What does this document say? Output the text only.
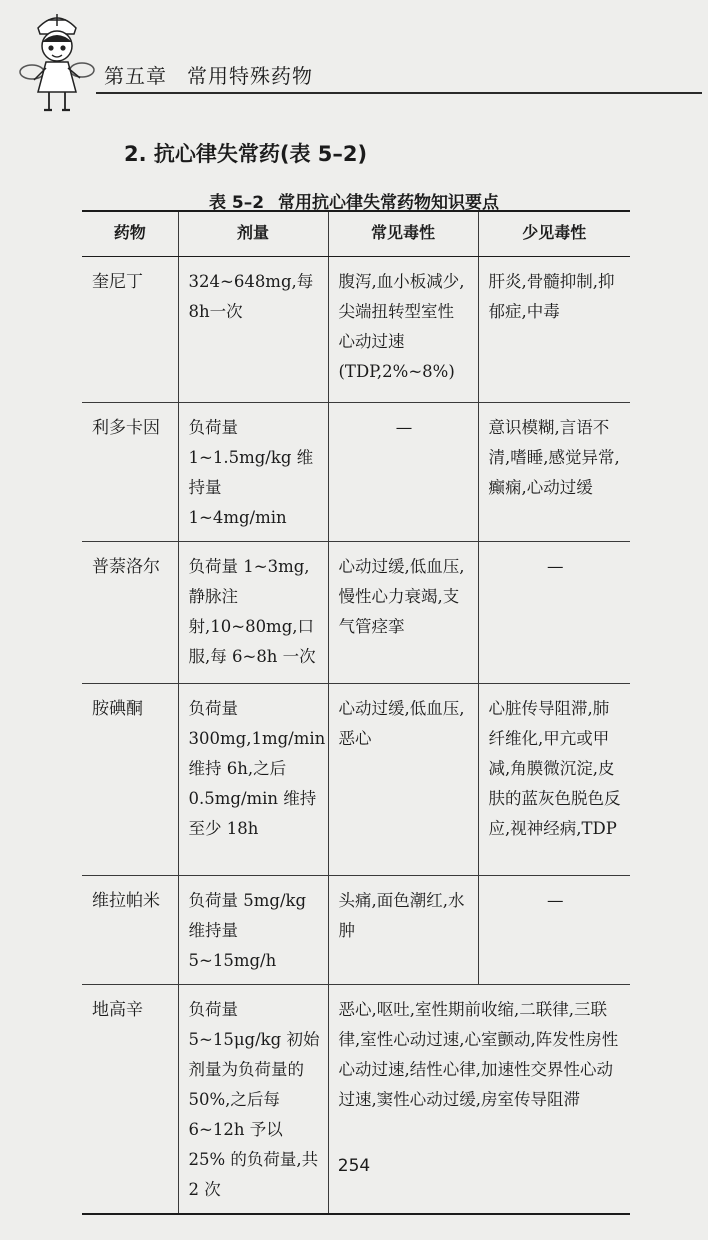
第五章 常用特殊药物
2. 抗心律失常药(表 5–2)
表 5–2 常用抗心律失常药物知识要点
药物	剂量	常见毒性	少见毒性
奎尼丁	324~648mg,每8h一次	腹泻,血小板减少,尖端扭转型室性心动过速(TDP,2%~8%)	肝炎,骨髓抑制,抑郁症,中毒
利多卡因	负荷量 1~1.5mg/kg 维持量 1~4mg/min	—	意识模糊,言语不清,嗜睡,感觉异常,癫痫,心动过缓
普萘洛尔	负荷量 1~3mg,静脉注射,10~80mg,口服,每 6~8h 一次	心动过缓,低血压,慢性心力衰竭,支气管痉挛	—
胺碘酮	负荷量 300mg,1mg/min 维持 6h,之后 0.5mg/min 维持至少 18h	心动过缓,低血压,恶心	心脏传导阻滞,肺纤维化,甲亢或甲减,角膜微沉淀,皮肤的蓝灰色脱色反应,视神经病,TDP
维拉帕米	负荷量 5mg/kg 维持量 5~15mg/h	头痛,面色潮红,水肿	—
地高辛	负荷量 5~15μg/kg 初始剂量为负荷量的 50%,之后每 6~12h 予以 25% 的负荷量,共 2 次	恶心,呕吐,室性期前收缩,二联律,三联律,室性心动过速,心室颤动,阵发性房性心动过速,结性心律,加速性交界性心动过速,窦性心动过缓,房室传导阻滞	
254
